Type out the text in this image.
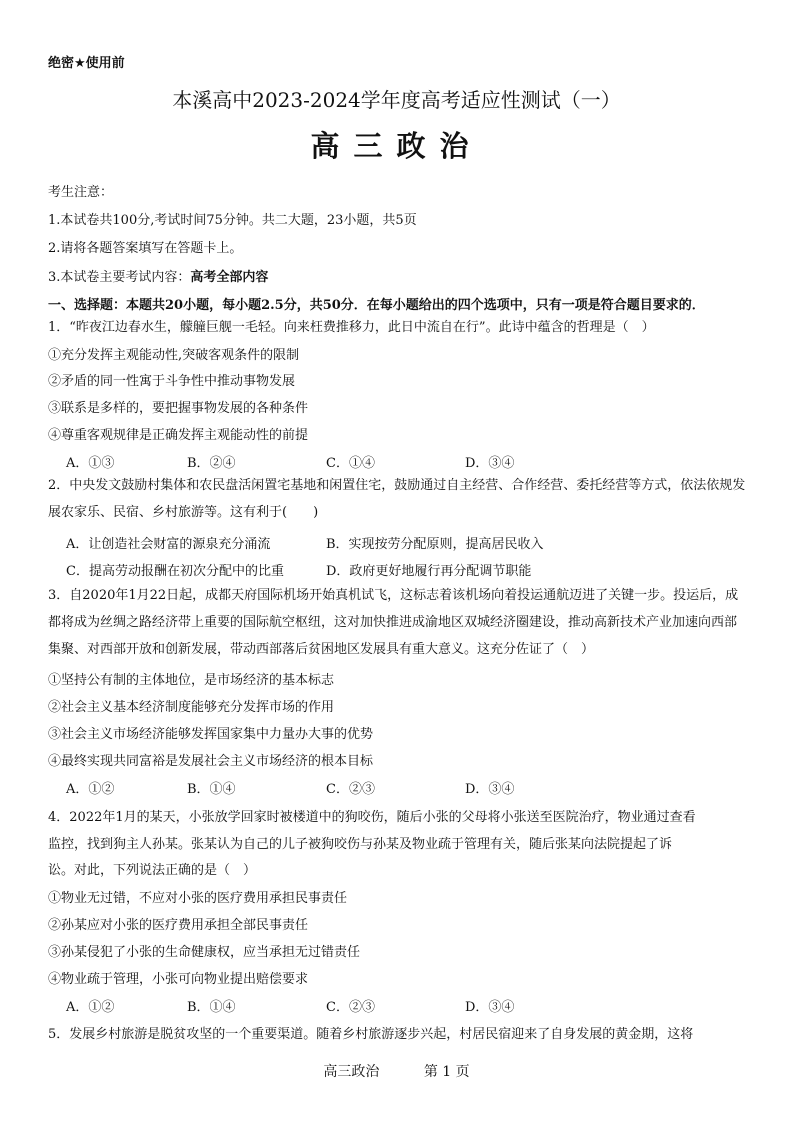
绝密★使用前
本溪高中2023-2024学年度高考适应性测试（一）
高三政治
考生注意：
1.本试卷共100分,考试时间75分钟。共二大题，23小题，共5页
2.请将各题答案填写在答题卡上。
3.本试卷主要考试内容：高考全部内容
一、选择题：本题共20小题，每小题2.5分，共50分．在每小题给出的四个选项中，只有一项是符合题目要求的．
1．“昨夜江边春水生，艨艟巨舰一毛轻。向来枉费推移力，此日中流自在行”。此诗中蕴含的哲理是（　）
①充分发挥主观能动性,突破客观条件的限制
②矛盾的同一性寓于斗争性中推动事物发展
③联系是多样的，要把握事物发展的各种条件
④尊重客观规律是正确发挥主观能动性的前提
A．①③	B．②④	C．①④	D．③④
2．中央发文鼓励村集体和农民盘活闲置宅基地和闲置住宅，鼓励通过自主经营、合作经营、委托经营等方式，依法依规发展农家乐、民宿、乡村旅游等。这有利于(　　)
A．让创造社会财富的源泉充分涌流	B．实现按劳分配原则，提高居民收入
C．提高劳动报酬在初次分配中的比重	D．政府更好地履行再分配调节职能
3．自2020年1月22日起，成都天府国际机场开始真机试飞，这标志着该机场向着投运通航迈进了关键一步。投运后，成都将成为丝绸之路经济带上重要的国际航空枢纽，这对加快推进成渝地区双城经济圈建设，推动高新技术产业加速向西部集聚、对西部开放和创新发展，带动西部落后贫困地区发展具有重大意义。这充分佐证了（　）
①坚持公有制的主体地位，是市场经济的基本标志
②社会主义基本经济制度能够充分发挥市场的作用
③社会主义市场经济能够发挥国家集中力量办大事的优势
④最终实现共同富裕是发展社会主义市场经济的根本目标
A．①②	B．①④	C．②③	D．③④
4．2022年1月的某天，小张放学回家时被楼道中的狗咬伤，随后小张的父母将小张送至医院治疗，物业通过查看
监控，找到狗主人孙某。张某认为自己的儿子被狗咬伤与孙某及物业疏于管理有关，随后张某向法院提起了诉
讼。对此，下列说法正确的是（　）
①物业无过错，不应对小张的医疗费用承担民事责任
②孙某应对小张的医疗费用承担全部民事责任
③孙某侵犯了小张的生命健康权，应当承担无过错责任
④物业疏于管理，小张可向物业提出赔偿要求
A．①②	B．①④	C．②③	D．③④
5．发展乡村旅游是脱贫攻坚的一个重要渠道。随着乡村旅游逐步兴起，村居民宿迎来了自身发展的黄金期，这将
高三政治	第 1 页
